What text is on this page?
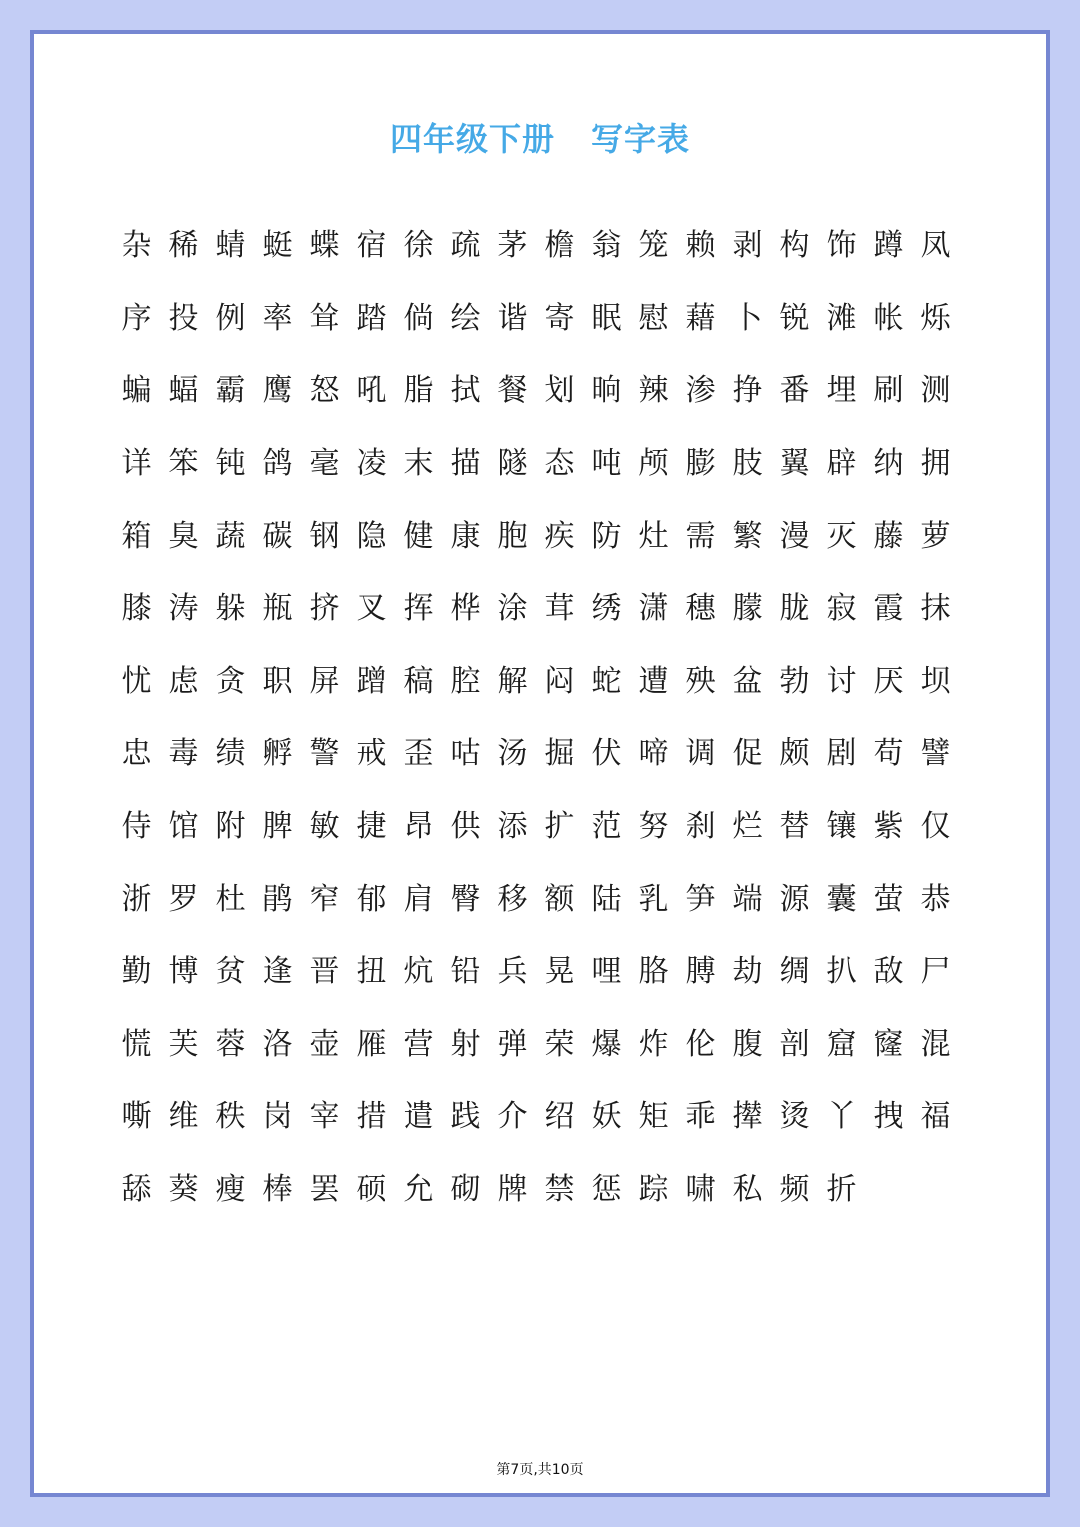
四年级下册 写字表
杂 稀 蜻 蜓 蝶 宿 徐 疏 茅 檐 翁 笼 赖 剥 构 饰 蹲 凤
序 投 例 率 耸 踏 倘 绘 谐 寄 眠 慰 藉 卜 锐 滩 帐 烁
蝙 蝠 霸 鹰 怒 吼 脂 拭 餐 划 晌 辣 渗 挣 番 埋 刷 测
详 笨 钝 鸽 毫 凌 末 描 隧 态 吨 颅 膨 肢 翼 辟 纳 拥
箱 臭 蔬 碳 钢 隐 健 康 胞 疾 防 灶 需 繁 漫 灭 藤 萝
膝 涛 躲 瓶 挤 叉 挥 桦 涂 茸 绣 潇 穗 朦 胧 寂 霞 抹
忧 虑 贪 职 屏 蹭 稿 腔 解 闷 蛇 遭 殃 盆 勃 讨 厌 坝
忠 毒 绩 孵 警 戒 歪 咕 汤 掘 伏 啼 调 促 颇 剧 苟 譬
侍 馆 附 脾 敏 捷 昂 供 添 扩 范 努 刹 烂 替 镶 紫 仅
浙 罗 杜 鹃 窄 郁 肩 臀 移 额 陆 乳 笋 端 源 囊 萤 恭
勤 博 贫 逢 晋 扭 炕 铅 兵 晃 哩 胳 膊 劫 绸 扒 敌 尸
慌 芙 蓉 洛 壶 雁 营 射 弹 荣 爆 炸 伦 腹 剖 窟 窿 混
嘶 维 秩 岗 宰 措 遣 践 介 绍 妖 矩 乖 撵 烫 丫 拽 福
舔 葵 瘦 棒 罢 硕 允 砌 牌 禁 惩 踪 啸 私 频 折
第7页,共10页
